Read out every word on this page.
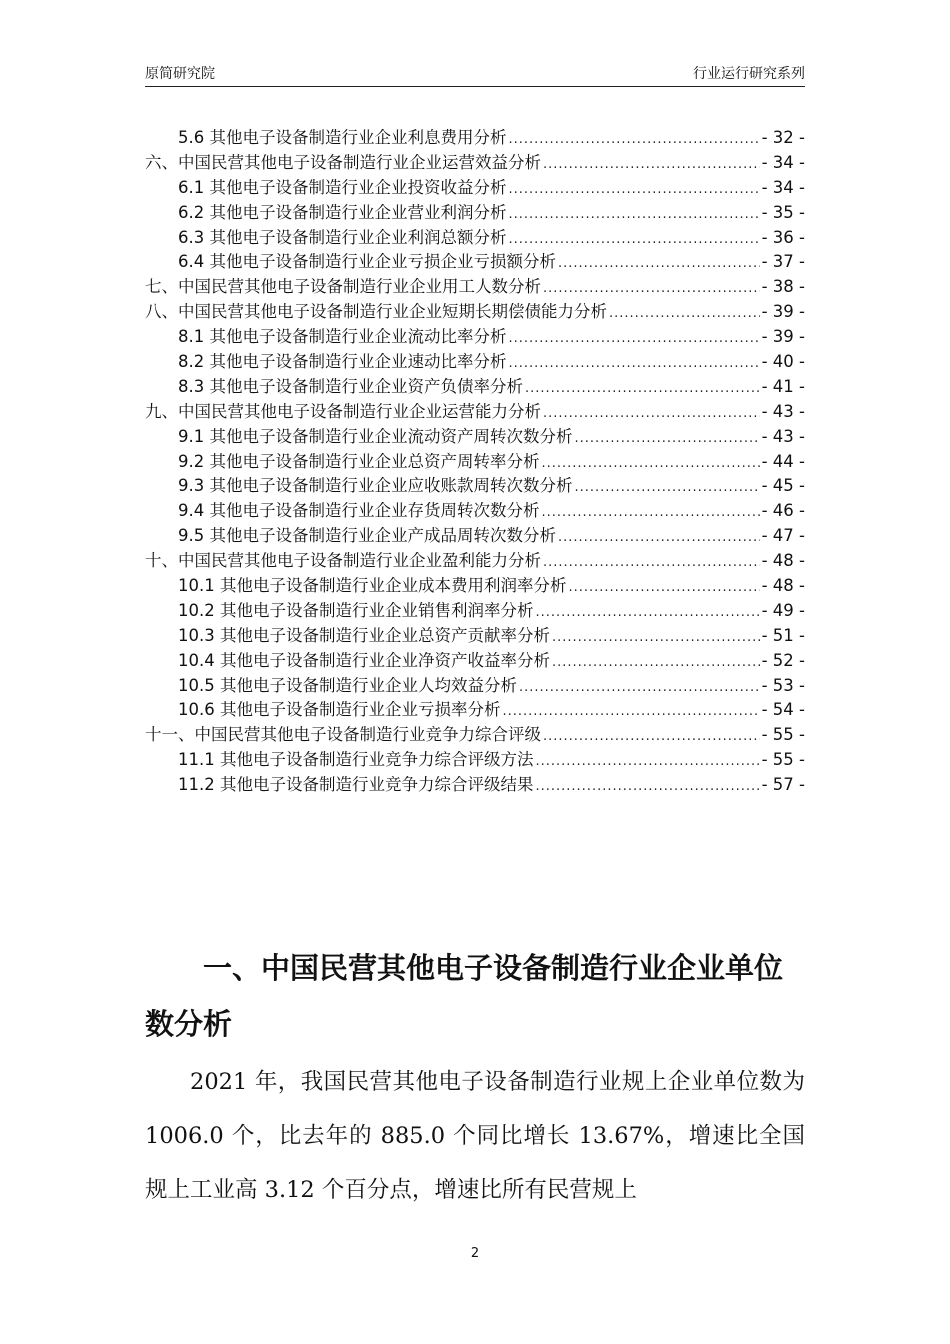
原简研究院	行业运行研究系列
5.6 其他电子设备制造行业企业利息费用分析 .....	- 32 -
六、中国民营其他电子设备制造行业企业运营效益分析 .....	- 34 -
6.1 其他电子设备制造行业企业投资收益分析 .....	- 34 -
6.2 其他电子设备制造行业企业营业利润分析 .....	- 35 -
6.3 其他电子设备制造行业企业利润总额分析 .....	- 36 -
6.4 其他电子设备制造行业企业亏损企业亏损额分析 .....	- 37 -
七、中国民营其他电子设备制造行业企业用工人数分析 .....	- 38 -
八、中国民营其他电子设备制造行业企业短期长期偿债能力分析 .....	- 39 -
8.1 其他电子设备制造行业企业流动比率分析 .....	- 39 -
8.2 其他电子设备制造行业企业速动比率分析 .....	- 40 -
8.3 其他电子设备制造行业企业资产负债率分析 .....	- 41 -
九、中国民营其他电子设备制造行业企业运营能力分析 .....	- 43 -
9.1 其他电子设备制造行业企业流动资产周转次数分析 .....	- 43 -
9.2 其他电子设备制造行业企业总资产周转率分析 .....	- 44 -
9.3 其他电子设备制造行业企业应收账款周转次数分析 .....	- 45 -
9.4 其他电子设备制造行业企业存货周转次数分析 .....	- 46 -
9.5 其他电子设备制造行业企业产成品周转次数分析 .....	- 47 -
十、中国民营其他电子设备制造行业企业盈利能力分析 .....	- 48 -
10.1 其他电子设备制造行业企业成本费用利润率分析 .....	- 48 -
10.2 其他电子设备制造行业企业销售利润率分析 .....	- 49 -
10.3 其他电子设备制造行业企业总资产贡献率分析 .....	- 51 -
10.4 其他电子设备制造行业企业净资产收益率分析 .....	- 52 -
10.5 其他电子设备制造行业企业人均效益分析 .....	- 53 -
10.6 其他电子设备制造行业企业亏损率分析 .....	- 54 -
十一、中国民营其他电子设备制造行业竞争力综合评级 .....	- 55 -
11.1 其他电子设备制造行业竞争力综合评级方法 .....	- 55 -
11.2 其他电子设备制造行业竞争力综合评级结果 .....	- 57 -
一、中国民营其他电子设备制造行业企业单位数分析

2021 年，我国民营其他电子设备制造行业规上企业单位数为 1006.0 个，比去年的 885.0 个同比增长 13.67%，增速比全国规上工业高 3.12 个百分点，增速比所有民营规上

2
